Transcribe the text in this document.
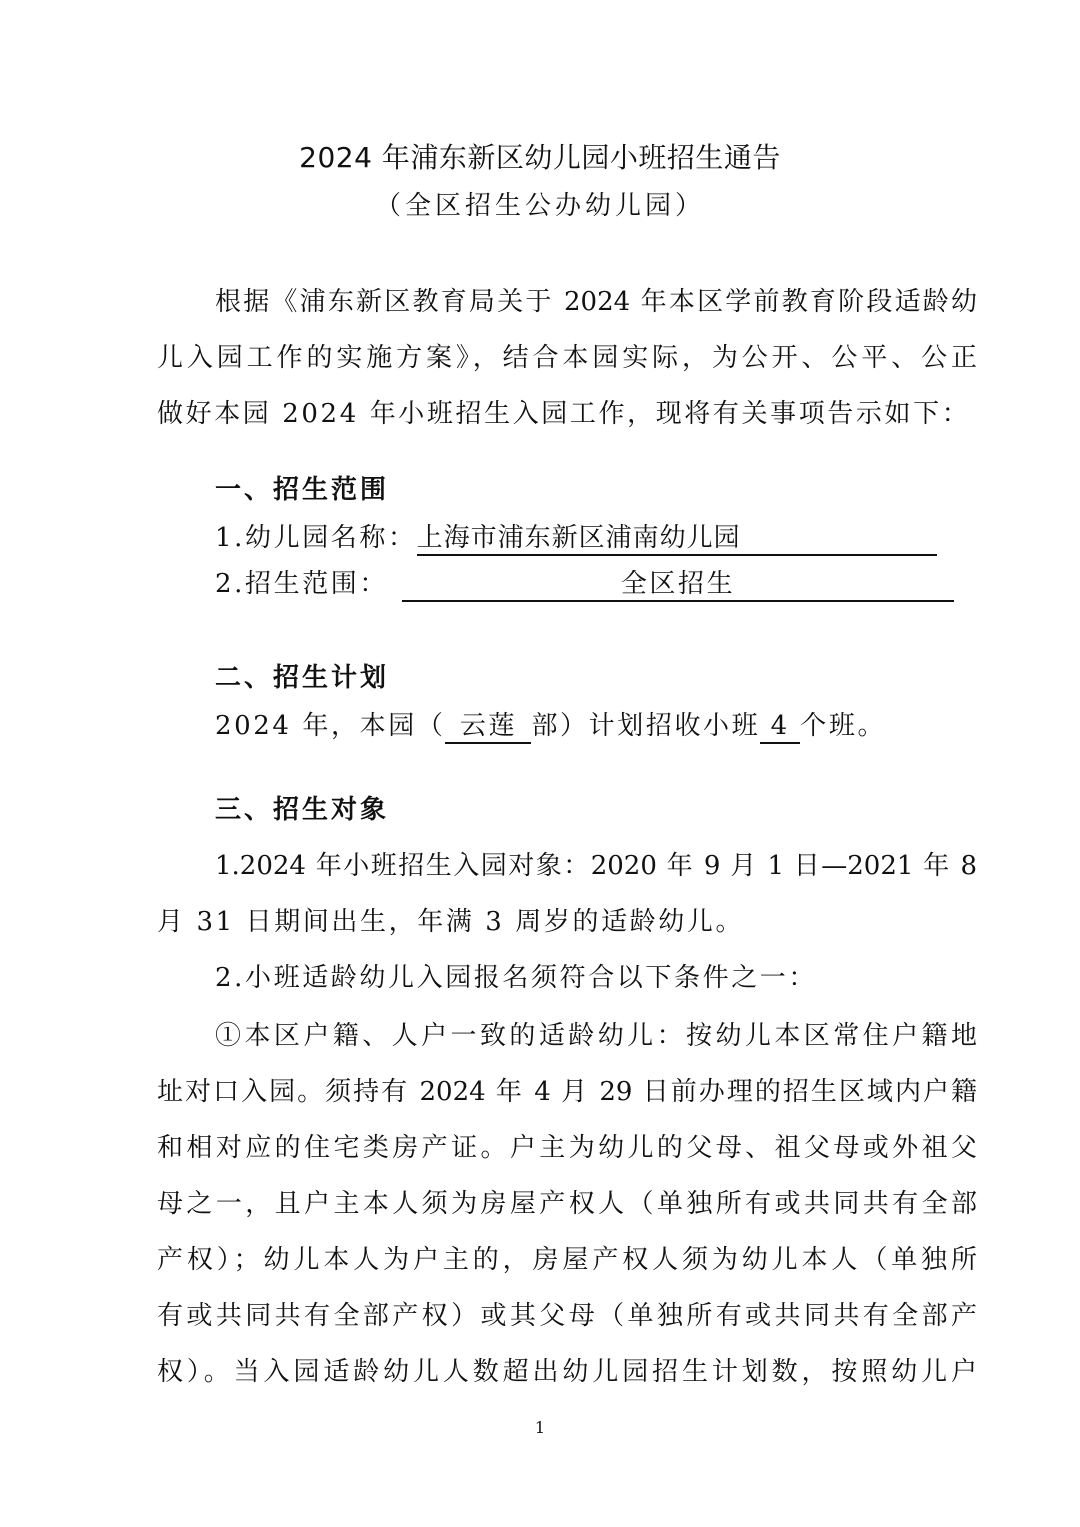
2024 年浦东新区幼儿园小班招生通告
（全区招生公办幼儿园）
根据《浦东新区教育局关于 2024 年本区学前教育阶段适龄幼
儿入园工作的实施方案》，结合本园实际，为公开、公平、公正
做好本园 2024 年小班招生入园工作，现将有关事项告示如下：
一、招生范围
1.幼儿园名称：上海市浦东新区浦南幼儿园
2.招生范围：	全区招生
二、招生计划
2024 年，本园（ 云莲 部）计划招收小班 4 个班。
三、招生对象
1.2024 年小班招生入园对象：2020 年 9 月 1 日—2021 年 8
月 31 日期间出生，年满 3 周岁的适龄幼儿。
2.小班适龄幼儿入园报名须符合以下条件之一：
①本区户籍、人户一致的适龄幼儿：按幼儿本区常住户籍地
址对口入园。须持有 2024 年 4 月 29 日前办理的招生区域内户籍
和相对应的住宅类房产证。户主为幼儿的父母、祖父母或外祖父
母之一，且户主本人须为房屋产权人（单独所有或共同共有全部
产权）；幼儿本人为户主的，房屋产权人须为幼儿本人（单独所
有或共同共有全部产权）或其父母（单独所有或共同共有全部产
权）。当入园适龄幼儿人数超出幼儿园招生计划数，按照幼儿户
1
